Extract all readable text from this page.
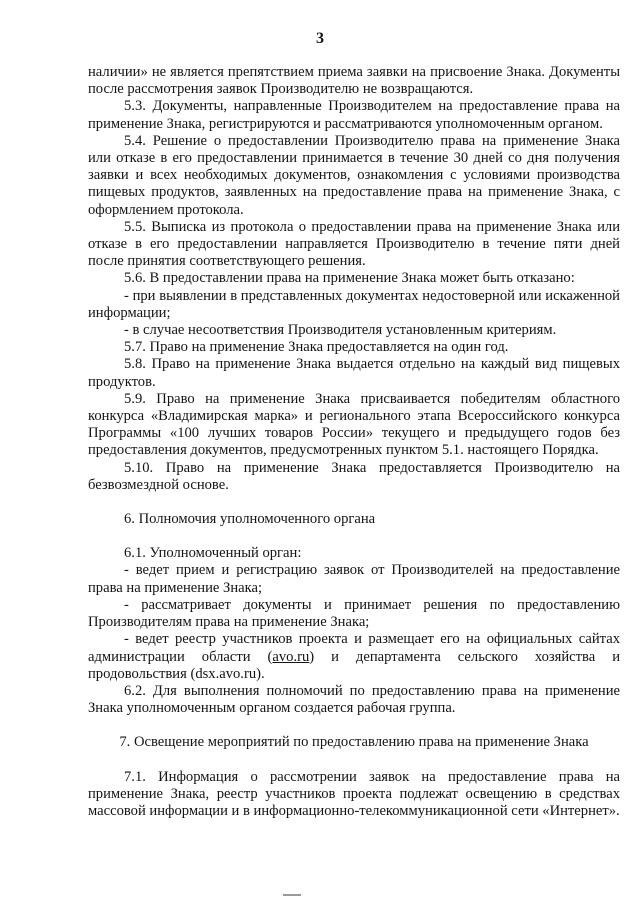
3

наличии» не является препятствием приема заявки на присвоение Знака. Документы после рассмотрения заявок Производителю не возвращаются.

5.3. Документы, направленные Производителем на предоставление права на применение Знака, регистрируются и рассматриваются уполномоченным органом.

5.4. Решение о предоставлении Производителю права на применение Знака или отказе в его предоставлении принимается в течение 30 дней со дня получения заявки и всех необходимых документов, ознакомления с условиями производства пищевых продуктов, заявленных на предоставление права на применение Знака, с оформлением протокола.

5.5. Выписка из протокола о предоставлении права на применение Знака или отказе в его предоставлении направляется Производителю в течение пяти дней после принятия соответствующего решения.

5.6. В предоставлении права на применение Знака может быть отказано:

- при выявлении в представленных документах недостоверной или искаженной информации;

- в случае несоответствия Производителя установленным критериям.

5.7. Право на применение Знака предоставляется на один год.

5.8. Право на применение Знака выдается отдельно на каждый вид пищевых продуктов.

5.9. Право на применение Знака присваивается победителям областного конкурса «Владимирская марка» и регионального этапа Всероссийского конкурса Программы «100 лучших товаров России» текущего и предыдущего годов без предоставления документов, предусмотренных пунктом 5.1. настоящего Порядка.

5.10. Право на применение Знака предоставляется Производителю на безвозмездной основе.

6. Полномочия уполномоченного органа

6.1. Уполномоченный орган:

- ведет прием и регистрацию заявок от Производителей на предоставление права на применение Знака;

- рассматривает документы и принимает решения по предоставлению Производителям права на применение Знака;

- ведет реестр участников проекта и размещает его на официальных сайтах администрации области (avo.ru) и департамента сельского хозяйства и продовольствия (dsx.avo.ru).

6.2. Для выполнения полномочий по предоставлению права на применение Знака уполномоченным органом создается рабочая группа.

7. Освещение мероприятий по предоставлению права на применение Знака

7.1. Информация о рассмотрении заявок на предоставление права на применение Знака, реестр участников проекта подлежат освещению в средствах массовой информации и в информационно-телекоммуникационной сети «Интернет».
